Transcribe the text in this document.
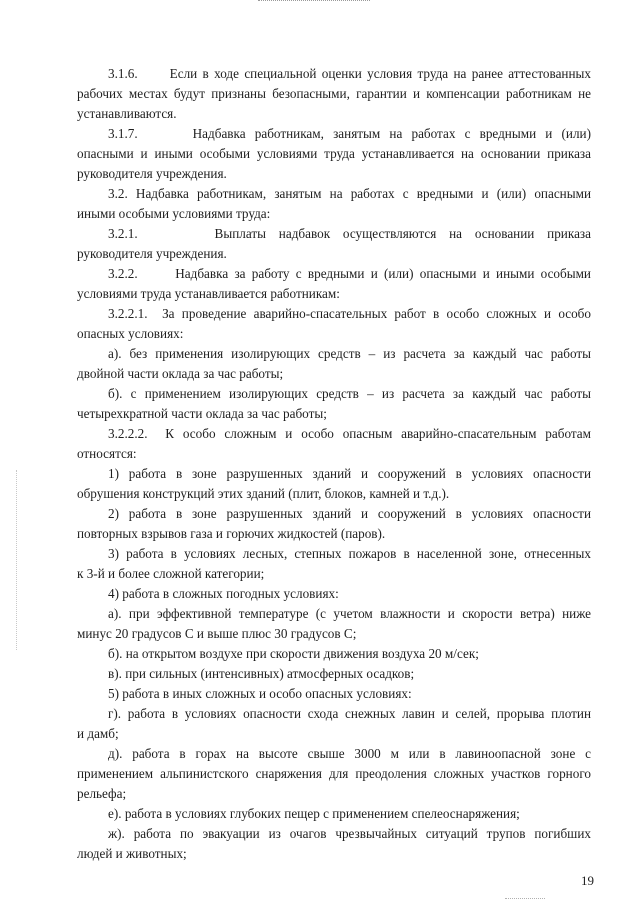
3.1.6.      Если в ходе специальной оценки условия труда на ранее аттестованных

рабочих местах будут признаны безопасными, гарантии и компенсации работникам не

устанавливаются.

3.1.7.      Надбавка работникам, занятым на работах с вредными и (или)

опасными и иными особыми условиями труда устанавливается на основании приказа

руководителя учреждения.

3.2. Надбавка работникам, занятым на работах с вредными и (или) опасными

иными особыми условиями труда:

3.2.1.      Выплаты надбавок осуществляются на основании приказа

руководителя учреждения.

3.2.2.      Надбавка за работу с вредными и (или) опасными и иными особыми

условиями труда устанавливается работникам:

3.2.2.1.  За проведение аварийно-спасательных работ в особо сложных и особо

опасных условиях:

а). без применения изолирующих средств – из расчета за каждый час работы

двойной части оклада за час работы;

б). с применением изолирующих средств – из расчета за каждый час работы

четырехкратной части оклада за час работы;

3.2.2.2.  К особо сложным и особо опасным аварийно-спасательным работам

относятся:

1) работа в зоне разрушенных зданий и сооружений в условиях опасности

обрушения конструкций этих зданий (плит, блоков, камней и т.д.).

2) работа в зоне разрушенных зданий и сооружений в условиях опасности

повторных взрывов газа и горючих жидкостей (паров).

3) работа в условиях лесных, степных пожаров в населенной зоне, отнесенных

к 3-й и более сложной категории;

4) работа в сложных погодных условиях:

а). при эффективной температуре (с учетом влажности и скорости ветра) ниже

минус 20 градусов С и выше плюс 30 градусов С;

б). на открытом воздухе при скорости движения воздуха 20 м/сек;

в). при сильных (интенсивных) атмосферных осадков;

5) работа в иных сложных и особо опасных условиях:

г). работа в условиях опасности схода снежных лавин и селей, прорыва плотин

и дамб;

д). работа в горах на высоте свыше 3000 м или в лавиноопасной зоне с

применением альпинистского снаряжения для преодоления сложных участков горного

рельефа;

е). работа в условиях глубоких пещер с применением спелеоснаряжения;

ж). работа по эвакуации из очагов чрезвычайных ситуаций трупов погибших

людей и животных;

19
